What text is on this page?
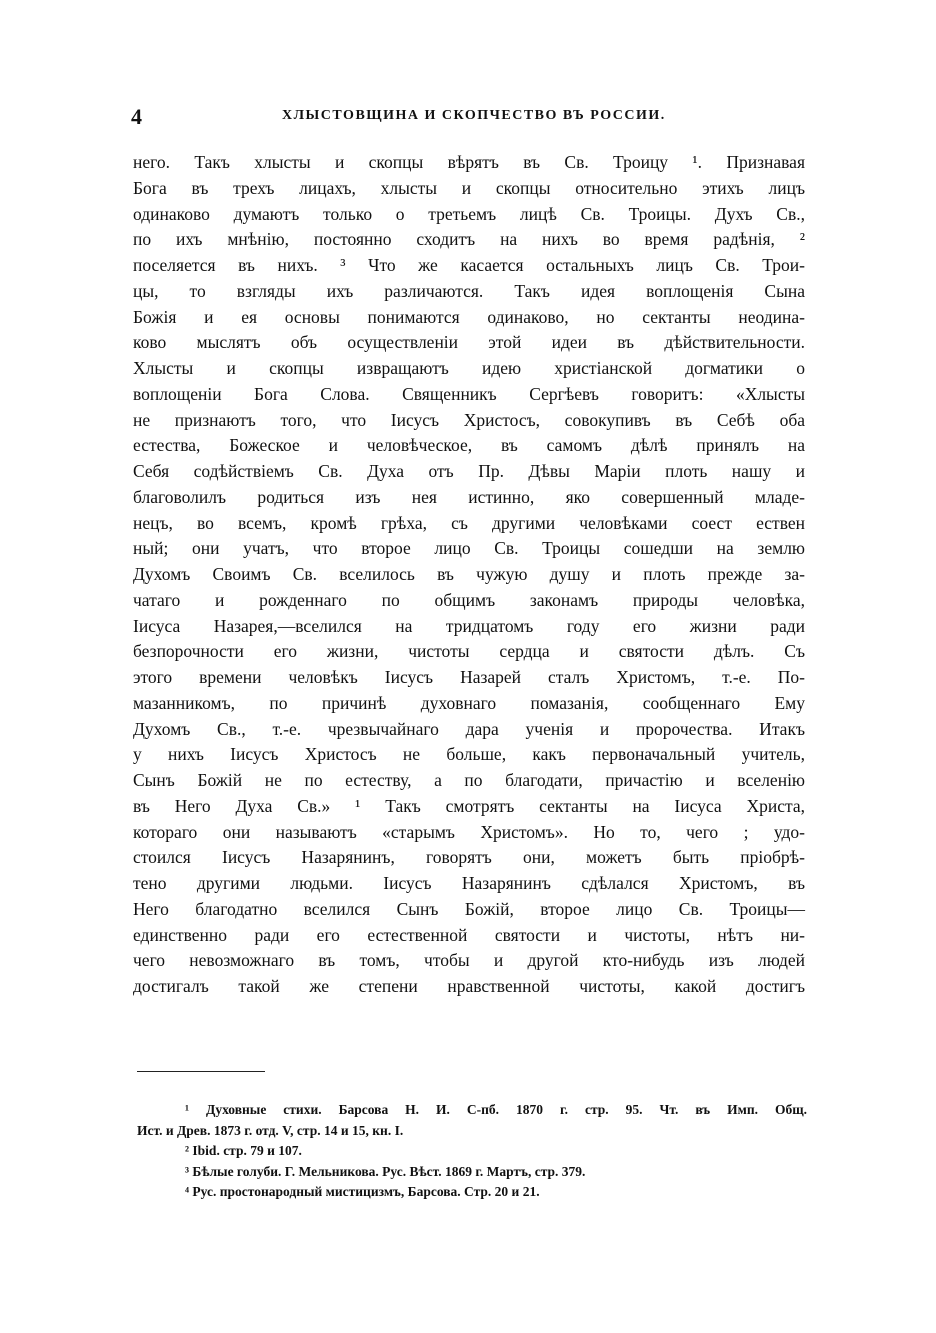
4	ХЛЫСТОВЩИНА И СКОПЧЕСТВО ВЪ РОССИИ.
него. Такъ хлысты и скопцы вѣрятъ въ Св. Троицу ¹. Признавая
Бога въ трехъ лицахъ, хлысты и скопцы относительно этихъ лицъ
одинаково думаютъ только о третьемъ лицѣ Св. Троицы. Духъ Св.,
по ихъ мнѣнію, постоянно сходитъ на нихъ во время радѣнія, ²
поселяется въ нихъ. ³ Что же касается остальныхъ лицъ Св. Трои-
цы, то взгляды ихъ различаются. Такъ идея воплощенія Сына
Божія и ея основы понимаются одинаково, но сектанты неодина-
ково мыслятъ объ осуществленіи этой идеи въ дѣйствительности.
Хлысты и скопцы извращаютъ идею христіанской догматики о
воплощеніи Бога Слова. Священникъ Сергѣевъ говоритъ: «Хлысты
не признаютъ того, что Іисусъ Христосъ, совокупивъ въ Себѣ оба
естества, Божеское и человѣческое, въ самомъ дѣлѣ принялъ на
Себя содѣйствіемъ Св. Духа отъ Пр. Дѣвы Маріи плоть нашу и
благоволилъ родиться изъ нея истинно, яко совершенный младе-
нецъ, во всемъ, кромѣ грѣха, съ другими человѣками соест ествен
ный; они учатъ, что второе лицо Св. Троицы сошедши на землю
Духомъ Своимъ Св. вселилось въ чужую душу и плоть прежде за-
чатаго и рожденнаго по общимъ законамъ природы человѣка,
Іисуса Назарея,—вселился на тридцатомъ году его жизни ради
безпорочности его жизни, чистоты сердца и святости дѣлъ. Съ
этого времени человѣкъ Іисусъ Назарей сталъ Христомъ, т.-е. По-
мазанникомъ, по причинѣ духовнаго помазанія, сообщеннаго Ему
Духомъ Св., т.-е. чрезвычайнаго дара ученія и пророчества. Итакъ
у нихъ Іисусъ Христосъ не больше, какъ первоначальный учитель,
Сынъ Божій не по естеству, а по благодати, причастію и вселенію
въ Него Духа Св.» ¹ Такъ смотрятъ сектанты на Іисуса Христа,
котораго они называютъ «старымъ Христомъ». Но то, чего ; удо-
стоился Іисусъ Назарянинъ, говорятъ они, можетъ быть пріобрѣ-
тено другими людьми. Іисусъ Назарянинъ сдѣлался Христомъ, въ
Него благодатно вселился Сынъ Божій, второе лицо Св. Троицы—
единственно ради его естественной святости и чистоты, нѣтъ ни-
чего невозможнаго въ томъ, чтобы и другой кто-нибудь изъ людей
достигалъ такой же степени нравственной чистоты, какой достигъ
¹ Духовные стихи. Барсова Н. И. С-пб. 1870 г. стр. 95. Чт. въ Имп. Общ.
Ист. и Древ. 1873 г. отд. V, стр. 14 и 15, кн. I.
² Ibid. стр. 79 и 107.
³ Бѣлые голуби. Г. Мельникова. Рус. Вѣст. 1869 г. Мартъ, стр. 379.
⁴ Рус. простонародный мистицизмъ, Барсова. Стр. 20 и 21.
